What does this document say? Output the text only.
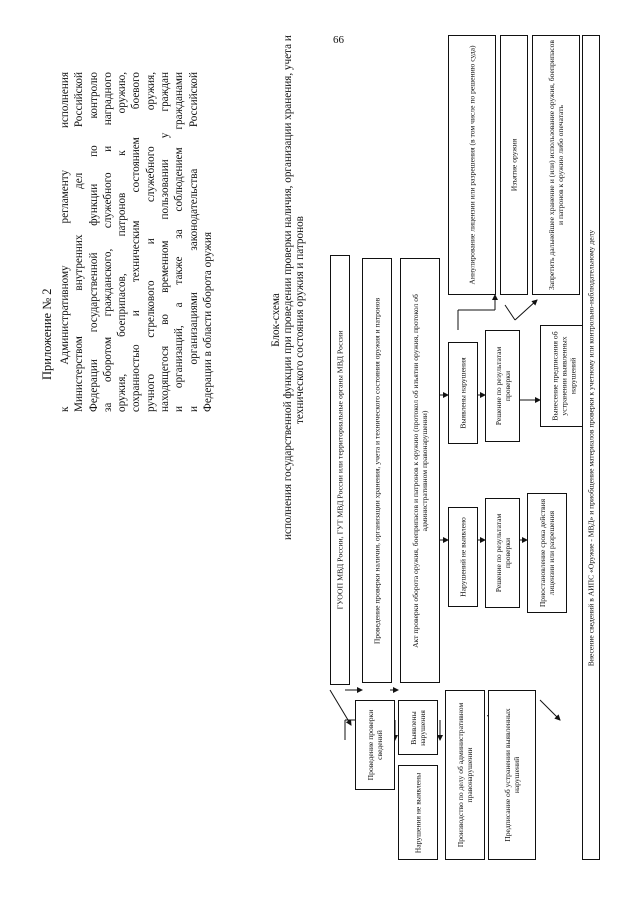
66
Приложение № 2 к Административному регламенту исполнения Министерством внутренних дел Российской Федерации государственной функции по контролю за оборотом гражданского, служебного и наградного оружия, боеприпасов, патронов к оружию, сохранностью и техническим состоянием боевого ручного стрелкового и служебного оружия, находящегося во временном пользовании у граждан и организаций, а также за соблюдением гражданами и организациями законодательства Российской Федерации в области оборота оружия	Блок-схема исполнения государственной функции при проведении проверки наличия, организации хранения, учета и технического состояния оружия и патронов
ГУООП МВД России, ГУТ МВД России или территориальные органы МВД России	Проведение проверки наличия, организации хранения, учета и технического состояния оружия и патронов	Акт проверки оборота оружия, боеприпасов и патронов к оружию (протокол об изъятии оружия, протокол об административном правонарушении)
Нарушений не выявлено
Выявлены нарушения
Решение по результатам проверки
Решение по результатам проверки
Приостановление срока действия лицензии или разрешения
Вынесение предписания об устранении выявленных нарушений
Аннулирование лицензии или разрешения (в том числе по решению суда)	Изъятие оружия	Запретить дальнейшее хранение и (или) использование оружия, боеприпасов и патронов к оружию либо опечатать
Проведение проверки сведений
Выявлены нарушения
Нарушения не выявлены	Производство по делу об административном правонарушении	Предписание об устранении выявленных нарушений
Внесение сведений в АИПС «Оружие - МВД» и приобщение материалов проверки к учетному или контрольно-наблюдательному делу
